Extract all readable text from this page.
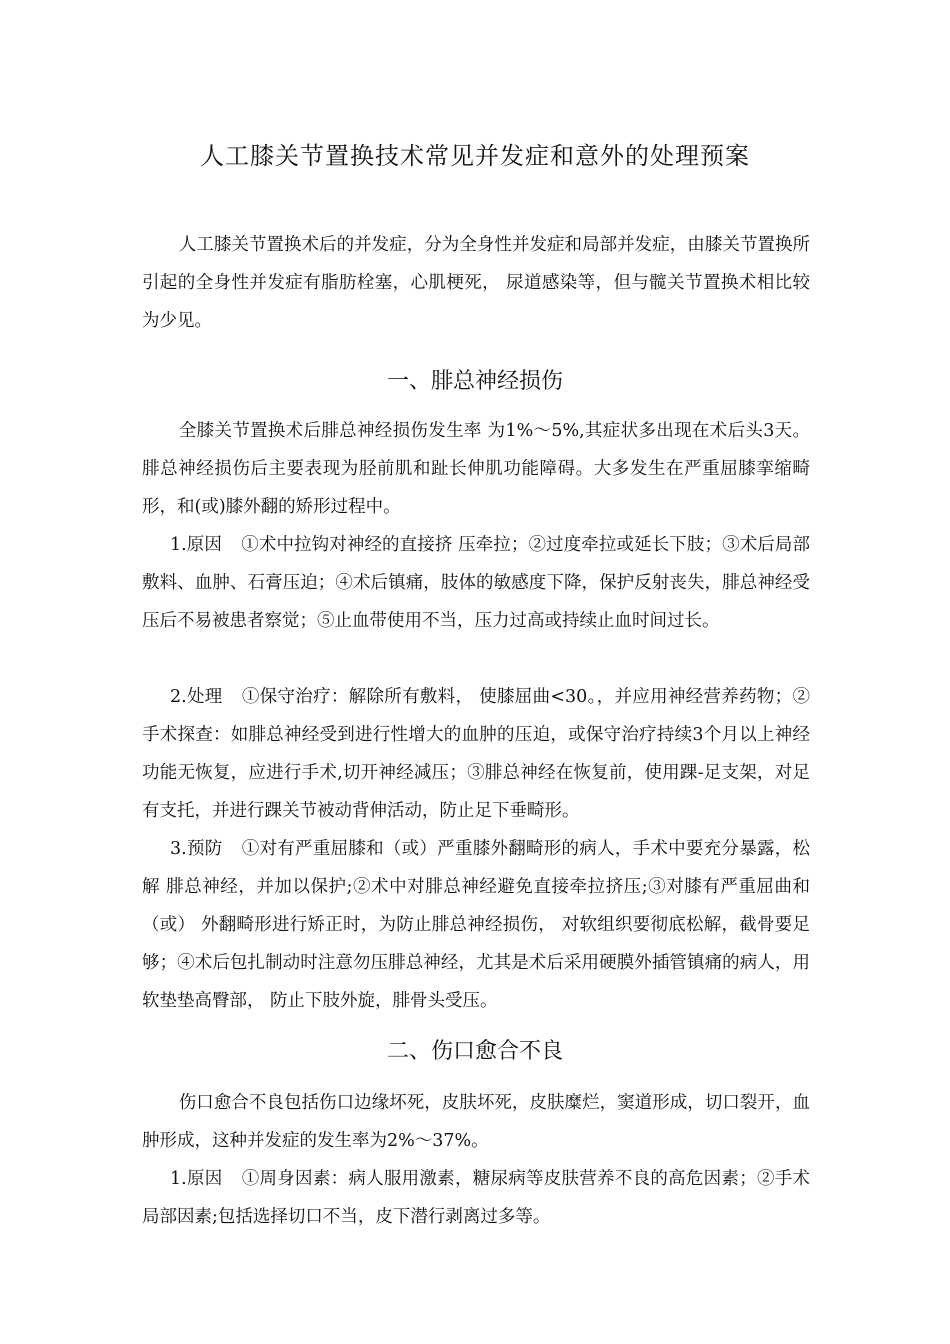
人工膝关节置换技术常见并发症和意外的处理预案

人工膝关节置换术后的并发症，分为全身性并发症和局部并发症，由膝关节置换所引起的全身性并发症有脂肪栓塞，心肌梗死， 尿道感染等，但与髋关节置换术相比较为少见。

一、腓总神经损伤

全膝关节置换术后腓总神经损伤发生率 为1%～5%,其症状多出现在术后头3天。腓总神经损伤后主要表现为胫前肌和趾长伸肌功能障碍。大多发生在严重屈膝挛缩畸形，和(或)膝外翻的矫形过程中。

1.原因 ①术中拉钩对神经的直接挤 压牵拉；②过度牵拉或延长下肢；③术后局部敷料、血肿、石膏压迫；④术后镇痛，肢体的敏感度下降，保护反射丧失，腓总神经受压后不易被患者察觉；⑤止血带使用不当，压力过高或持续止血时间过长。

2.处理 ①保守治疗：解除所有敷料， 使膝屈曲<30。，并应用神经营养药物；②手术探查：如腓总神经受到进行性增大的血肿的压迫，或保守治疗持续3个月以上神经功能无恢复，应进行手术,切开神经减压；③腓总神经在恢复前，使用踝-足支架，对足有支托，并进行踝关节被动背伸活动，防止足下垂畸形。

3.预防 ①对有严重屈膝和（或）严重膝外翻畸形的病人，手术中要充分暴露，松解 腓总神经，并加以保护;②术中对腓总神经避免直接牵拉挤压;③对膝有严重屈曲和（或） 外翻畸形进行矫正时，为防止腓总神经损伤， 对软组织要彻底松解，截骨要足够；④术后包扎制动时注意勿压腓总神经，尤其是术后采用硬膜外插管镇痛的病人，用软垫垫高臀部， 防止下肢外旋，腓骨头受压。

二、伤口愈合不良

伤口愈合不良包括伤口边缘坏死，皮肤坏死，皮肤糜烂，窦道形成，切口裂开，血肿形成，这种并发症的发生率为2%～37%。

1.原因 ①周身因素：病人服用激素，糖尿病等皮肤营养不良的高危因素；②手术局部因素;包括选择切口不当，皮下潜行剥离过多等。
